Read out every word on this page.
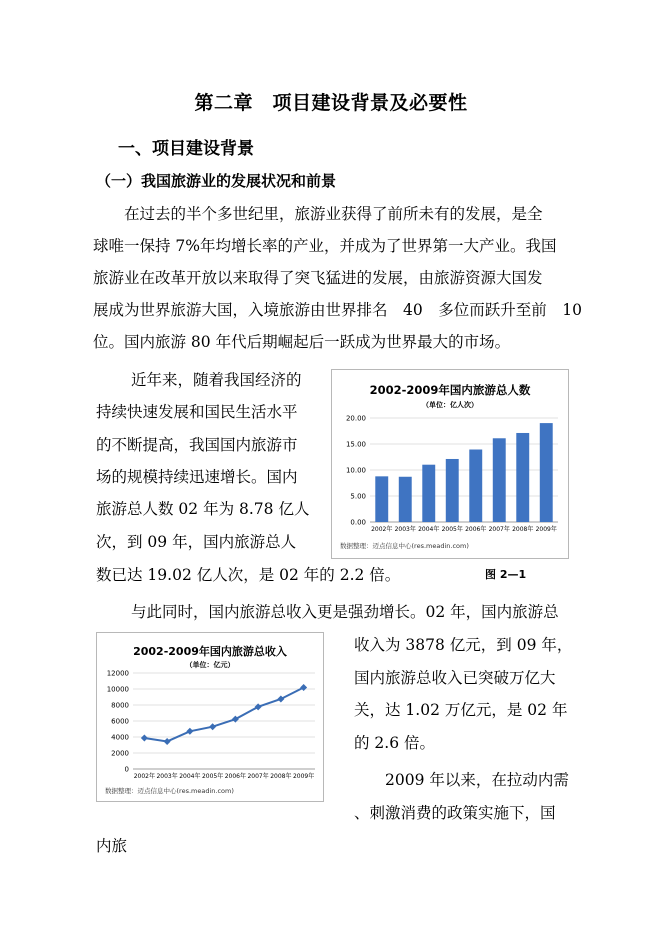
第二章　项目建设背景及必要性
一、项目建设背景
（一）我国旅游业的发展状况和前景
在过去的半个多世纪里，旅游业获得了前所未有的发展，是全
球唯一保持 7%年均增长率的产业，并成为了世界第一大产业。我国
旅游业在改革开放以来取得了突飞猛进的发展，由旅游资源大国发
展成为世界旅游大国，入境旅游由世界排名　40　多位而跃升至前　10
位。国内旅游 80 年代后期崛起后一跃成为世界最大的市场。
近年来，随着我国经济的
持续快速发展和国民生活水平
的不断提高，我国国内旅游市
场的规模持续迅速增长。国内
旅游总人数 02 年为 8.78 亿人
次，到 09 年，国内旅游总人
数已达 19.02 亿人次，是 02 年的 2.2 倍。
2002-2009年国内旅游总人数
（单位：亿人次）
0.00
5.00
10.00
15.00
20.00
2002年 2003年 2004年 2005年 2006年 2007年 2008年 2009年
数据整理：迈点信息中心(res.meadin.com)
图 2—1
与此同时，国内旅游总收入更是强劲增长。02 年，国内旅游总
收入为 3878 亿元，到 09 年，
国内旅游总收入已突破万亿大
关，达 1.02 万亿元，是 02 年
的 2.6 倍。
2002-2009年国内旅游总收入
（单位：亿元）
0
2000
4000
6000
8000
10000
12000
2002年 2003年 2004年 2005年 2006年 2007年 2008年 2009年
数据整理：迈点信息中心(res.meadin.com)
2009 年以来，在拉动内需
、刺激消费的政策实施下，国
内旅
